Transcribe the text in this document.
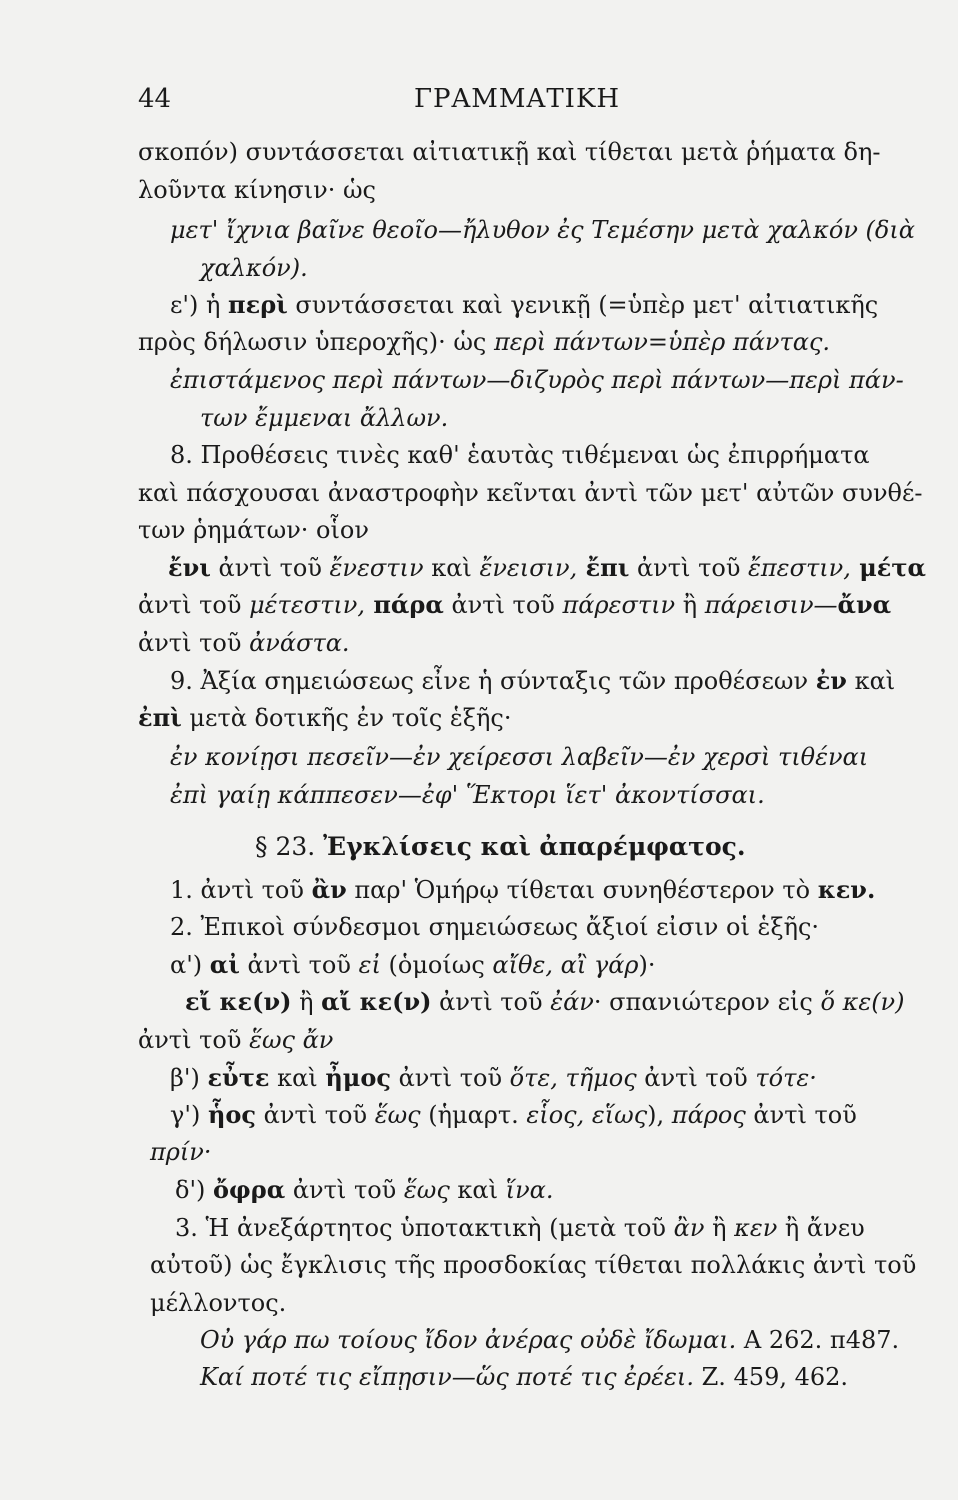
44	ΓΡΑΜΜΑΤΙΚΗ
σκοπόν) συντάσσεται αἰτιατικῇ καὶ τίθεται μετὰ ῥήματα δη-
λοῦντα κίνησιν· ὡς
μετ' ἴχνια βαῖνε θεοῖο—ἤλυθον ἐς Τεμέσην μετὰ χαλκόν (διὰ
χαλκόν).
ε') ἡ περὶ συντάσσεται καὶ γενικῇ (=ὑπὲρ μετ' αἰτιατικῆς
πρὸς δήλωσιν ὑπεροχῆς)· ὡς περὶ πάντων=ὑπὲρ πάντας.
ἐπιστάμενος περὶ πάντων—διζυρὸς περὶ πάντων—περὶ πάν-
των ἔμμεναι ἄλλων.
8. Προθέσεις τινὲς καθ' ἑαυτὰς τιθέμεναι ὡς ἐπιρρήματα
καὶ πάσχουσαι ἀναστροφὴν κεῖνται ἀντὶ τῶν μετ' αὐτῶν συνθέ-
των ῥημάτων· οἷον
ἔνι ἀντὶ τοῦ ἔνεστιν καὶ ἔνεισιν, ἔπι ἀντὶ τοῦ ἔπεστιν, μέτα
ἀντὶ τοῦ μέτεστιν, πάρα ἀντὶ τοῦ πάρεστιν ἢ πάρεισιν—ἄνα
ἀντὶ τοῦ ἀνάστα.
9. Ἀξία σημειώσεως εἶνε ἡ σύνταξις τῶν προθέσεων ἐν καὶ
ἐπὶ μετὰ δοτικῆς ἐν τοῖς ἑξῆς·
ἐν κονίῃσι πεσεῖν—ἐν χείρεσσι λαβεῖν—ἐν χερσὶ τιθέναι
ἐπὶ γαίῃ κάππεσεν—ἐφ' Ἕκτορι ἵετ' ἀκοντίσσαι.
§ 23. Ἐγκλίσεις καὶ ἀπαρέμφατος.
1. ἀντὶ τοῦ ἂν παρ' Ὁμήρῳ τίθεται συνηθέστερον τὸ κεν.
2. Ἐπικοὶ σύνδεσμοι σημειώσεως ἄξιοί εἰσιν οἱ ἑξῆς·
α') αἰ ἀντὶ τοῦ εἰ (ὁμοίως αἴθε, αἲ γάρ)·
εἴ κε(ν) ἢ αἴ κε(ν) ἀντὶ τοῦ ἐάν· σπανιώτερον εἰς ὅ κε(ν)
ἀντὶ τοῦ ἕως ἄν
β') εὖτε καὶ ἦμος ἀντὶ τοῦ ὅτε, τῆμος ἀντὶ τοῦ τότε·
γ') ἧος ἀντὶ τοῦ ἕως (ἡμαρτ. εἷος, εἵως), πάρος ἀντὶ τοῦ
πρίν·
δ') ὄφρα ἀντὶ τοῦ ἕως καὶ ἵνα.
3. Ἡ ἀνεξάρτητος ὑποτακτικὴ (μετὰ τοῦ ἂν ἢ κεν ἢ ἄνευ
αὐτοῦ) ὡς ἔγκλισις τῆς προσδοκίας τίθεται πολλάκις ἀντὶ τοῦ
μέλλοντος.
Οὐ γάρ πω τοίους ἴδον ἀνέρας οὐδὲ ἴδωμαι. Α 262. π487.
Καί ποτέ τις εἴπῃσιν—ὥς ποτέ τις ἐρέει. Ζ. 459, 462.
